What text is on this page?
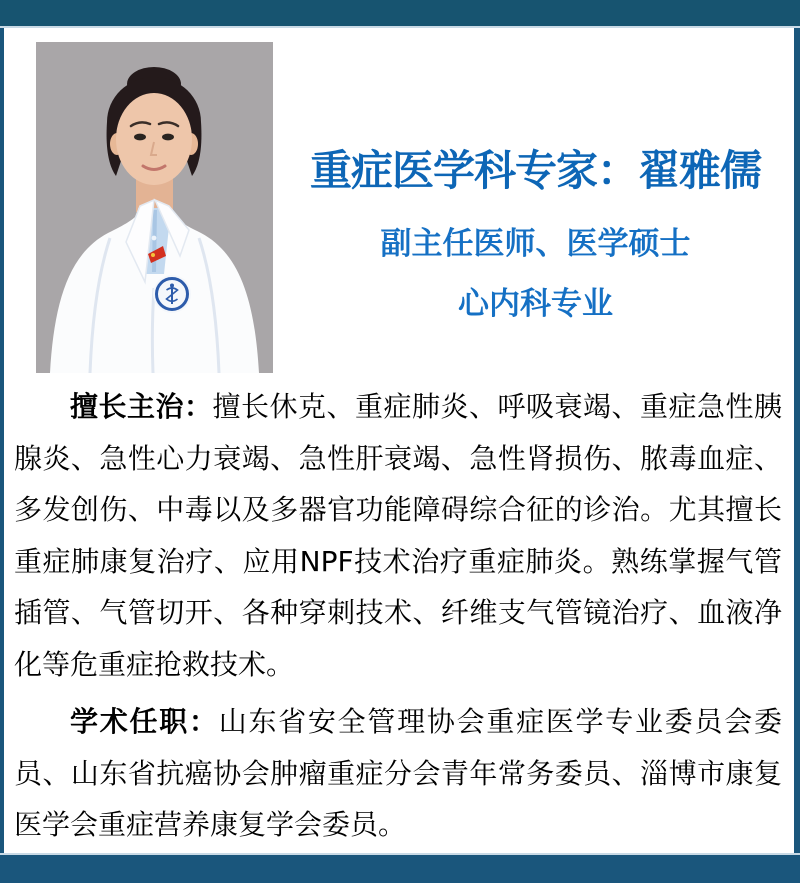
重症医学科专家：翟雅儒
副主任医师、医学硕士
心内科专业

擅长主治：擅长休克、重症肺炎、呼吸衰竭、重症急性胰腺炎、急性心力衰竭、急性肝衰竭、急性肾损伤、脓毒血症、多发创伤、中毒以及多器官功能障碍综合征的诊治。尤其擅长重症肺康复治疗、应用NPF技术治疗重症肺炎。熟练掌握气管插管、气管切开、各种穿刺技术、纤维支气管镜治疗、血液净化等危重症抢救技术。

学术任职：山东省安全管理协会重症医学专业委员会委员、山东省抗癌协会肿瘤重症分会青年常务委员、淄博市康复医学会重症营养康复学会委员。
